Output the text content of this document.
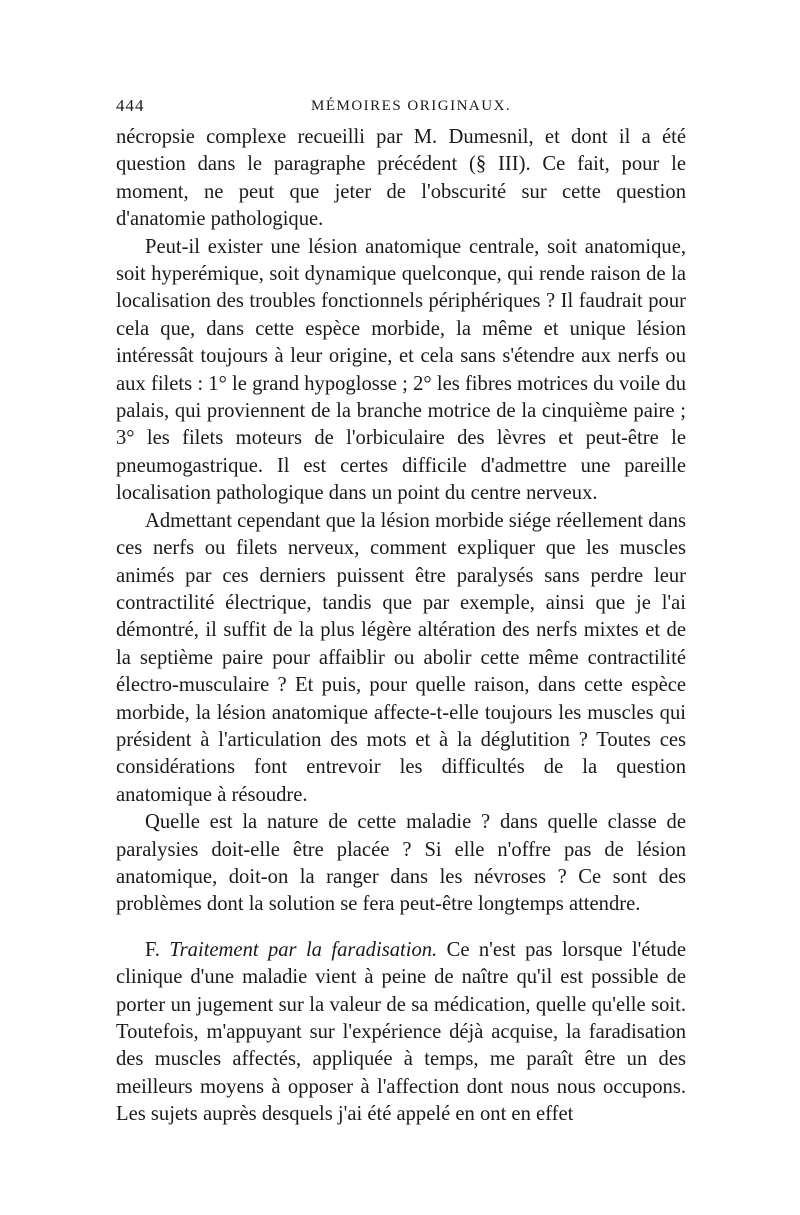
444	MÉMOIRES ORIGINAUX.

nécropsie complexe recueilli par M. Dumesnil, et dont il a été question dans le paragraphe précédent (§ III). Ce fait, pour le moment, ne peut que jeter de l'obscurité sur cette question d'anatomie pathologique.

Peut-il exister une lésion anatomique centrale, soit anatomique, soit hyperémique, soit dynamique quelconque, qui rende raison de la localisation des troubles fonctionnels périphériques ? Il faudrait pour cela que, dans cette espèce morbide, la même et unique lésion intéressât toujours à leur origine, et cela sans s'étendre aux nerfs ou aux filets : 1° le grand hypoglosse ; 2° les fibres motrices du voile du palais, qui proviennent de la branche motrice de la cinquième paire ; 3° les filets moteurs de l'orbiculaire des lèvres et peut-être le pneumogastrique. Il est certes difficile d'admettre une pareille localisation pathologique dans un point du centre nerveux.

Admettant cependant que la lésion morbide siége réellement dans ces nerfs ou filets nerveux, comment expliquer que les muscles animés par ces derniers puissent être paralysés sans perdre leur contractilité électrique, tandis que par exemple, ainsi que je l'ai démontré, il suffit de la plus légère altération des nerfs mixtes et de la septième paire pour affaiblir ou abolir cette même contractilité électro-musculaire ? Et puis, pour quelle raison, dans cette espèce morbide, la lésion anatomique affecte-t-elle toujours les muscles qui président à l'articulation des mots et à la déglutition ? Toutes ces considérations font entrevoir les difficultés de la question anatomique à résoudre.

Quelle est la nature de cette maladie ? dans quelle classe de paralysies doit-elle être placée ? Si elle n'offre pas de lésion anatomique, doit-on la ranger dans les névroses ? Ce sont des problèmes dont la solution se fera peut-être longtemps attendre.

F. Traitement par la faradisation. Ce n'est pas lorsque l'étude clinique d'une maladie vient à peine de naître qu'il est possible de porter un jugement sur la valeur de sa médication, quelle qu'elle soit. Toutefois, m'appuyant sur l'expérience déjà acquise, la faradisation des muscles affectés, appliquée à temps, me paraît être un des meilleurs moyens à opposer à l'affection dont nous nous occupons. Les sujets auprès desquels j'ai été appelé en ont en effet
